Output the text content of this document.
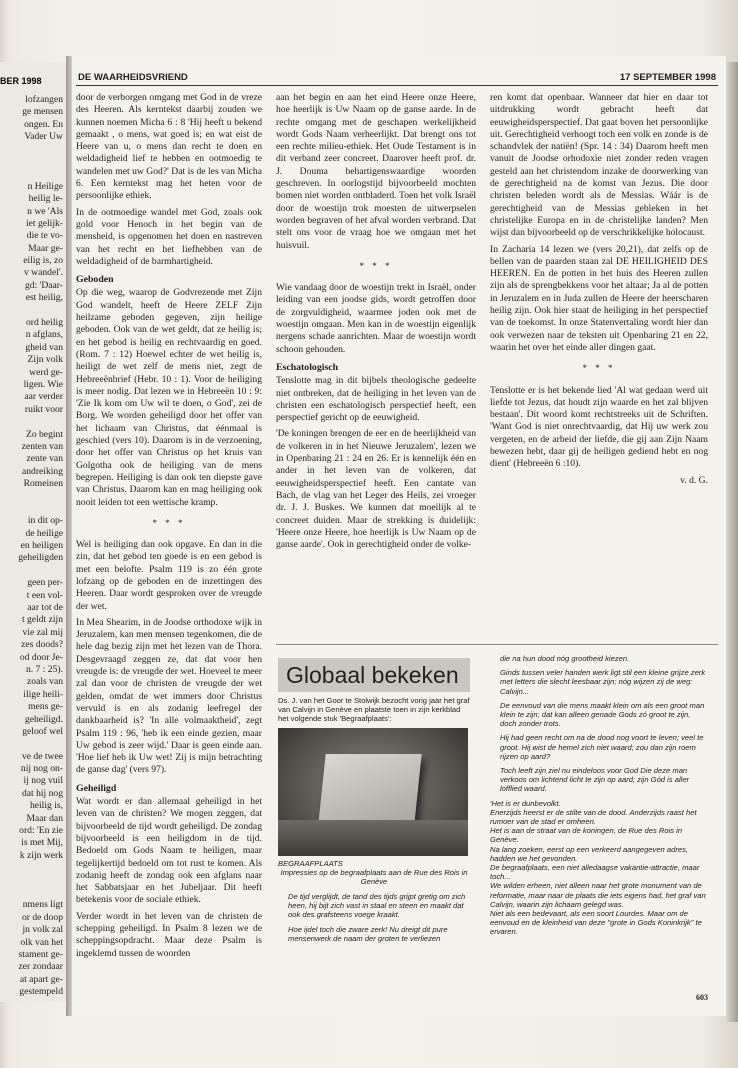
BER 1998
lofzangen
ge mensen
ongen. En
Vader Uw
n Heilige
heilig le-
n we 'Als
iet gelijk-
die te vo-
Maar ge-
eilig is, zo
v wandel'.
gd: 'Daar-
est heilig,
ord heilig
n afglans,
gheid van
Zijn volk
werd ge-
ligen. Wie
aar verder
ruikt voor
Zo begint
zenten van
zente van
andreiking
Romeinen
in dit op-
de heilige
en heiligen
geheiligden
geen per-
t een vol-
aar tot de
t geldt zijn
vie zal mij
zes doods?
od door Je-
n. 7 : 25).
zoals van
ilige heili-
mens ge-
geheiligd.
geloof wel
ve de twee
nij nog on-
ij nog vuil
dat hij nog
heilig is,
Maar dan
ord: 'En zie
is met Mij,
k zijn werk
nmens ligt
or de doop
jn volk zal
olk van het
stament ge-
zer zondaar
at apart ge-
gestempeld
DE WAARHEIDSVRIEND	17 SEPTEMBER 1998

door de verborgen omgang met God in de vreze des Heeren. Als kerntekst daarbij zouden we kunnen noemen Micha 6 : 8 'Hij heeft u bekend gemaakt , o mens, wat goed is; en wat eist de Heere van u, o mens dan recht te doen en weldadigheid lief te hebben en ootmoedig te wandelen met uw God?' Dat is de les van Micha 6. Een kerntekst mag het heten voor de persoonlijke ethiek.

In de ootmoedige wandel met God, zoals ook gold voor Henoch in het begin van de mensheid, is opgenomen het doen en nastreven van het recht en het liefhebben van de weldadigheid of de barmhartigheid.

Geboden

Op die weg, waarop de Godvrezende met Zijn God wandelt, heeft de Heere ZELF Zijn heilzame geboden gegeven, zijn heilige geboden. Ook van de wet geldt, dat ze heilig is; en het gebod is heilig en rechtvaardig en goed. (Rom. 7 : 12) Hoewel echter de wet heilig is, heiligt de wet zelf de mens niet, zegt de Hebreeënbrief (Hebr. 10 : 1). Voor de heiliging is meer nodig. Dat lezen we in Hebreeën 10 : 9: 'Zie Ik kom om Uw wil te doen, o God', zei de Borg. We worden geheiligd door het offer van het lichaam van Christus, dat éénmaal is geschied (vers 10). Daarom is in de verzoening, door het offer van Christus op het kruis van Golgotha ook de heiliging van de mens begrepen. Heiliging is dan ook ten diepste gave van Christus. Daarom kan en mag heiliging ook nooit leiden tot een wettische kramp.

* * *

Wel is heiliging dan ook opgave. En dan in die zin, dat het gebod ten goede is en een gebod is met een belofte. Psalm 119 is zo één grote lofzang op de geboden en de inzettingen des Heeren. Daar wordt gesproken over de vreugde der wet.

In Mea Shearim, in de Joodse orthodoxe wijk in Jeruzalem, kan men mensen tegenkomen, die de hele dag bezig zijn met het lezen van de Thora. Desgevraagd zeggen ze, dat dat voor hen vreugde is: de vreugde der wet. Hoeveel te meer zal dan voor de christen de vreugde der wet gelden, omdat de wet immers door Christus vervuld is en als zodanig leefregel der dankbaarheid is? 'In alle volmaaktheid', zegt Psalm 119 : 96, 'heb ik een einde gezien, maar Uw gebod is zeer wijd.' Daar is geen einde aan. 'Hoe lief heb ik Uw wet! Zij is mijn betrachting de ganse dag' (vers 97).

Geheiligd

Wat wordt er dan allemaal geheiligd in het leven van de christen? We mogen zeggen, dat bijvoorbeeld de tijd wordt geheiligd. De zondag bijvoorbeeld is een heiligdom in de tijd. Bedoeld om Gods Naam te heiligen, maar tegelijkertijd bedoeld om tot rust te komen. Als zodanig heeft de zondag ook een afglans naar het Sabbatsjaar en het Jubeljaar. Dit heeft betekenis voor de sociale ethiek.

Verder wordt in het leven van de christen de schepping geheiligd. In Psalm 8 lezen we de scheppingsopdracht. Maar deze Psalm is ingeklemd tussen de woorden

aan het begin en aan het eind Heere onze Heere, hoe heerlijk is Uw Naam op de ganse aarde. In de rechte omgang met de geschapen werkelijkheid wordt Gods Naam verheerlijkt. Dat brengt ons tot een rechte milieu-ethiek. Het Oude Testament is in dit verband zeer concreet. Daarover heeft prof. dr. J. Douma behartigenswaardige woorden geschreven. In oorlogstijd bijvoorbeeld mochten bomen niet worden ontbladerd. Toen het volk Israël door de woestijn trok moesten de uitwerpselen worden begraven of het afval worden verbrand. Dat stelt ons voor de vraag hoe we omgaan met het huisvuil.

* * *

Wie vandaag door de woestijn trekt in Israël, onder leiding van een joodse gids, wordt getroffen door de zorgvuldigheid, waarmee joden ook met de woestijn omgaan. Men kan in de woestijn eigenlijk nergens schade aanrichten. Maar de woestijn wordt schoon gehouden.

Eschatologisch

Tenslotte mag in dit bijbels theologische gedeelte niet ontbreken, dat de heiliging in het leven van de christen een eschatologisch perspectief heeft, een perspectief gericht op de eeuwigheid.

'De koningen brengen de eer en de heerlijkheid van de volkeren in in het Nieuwe Jeruzalem', lezen we in Openbaring 21 : 24 en 26. Er is kennelijk één en ander in het leven van de volkeren, dat eeuwigheidsperspectief heeft. Een cantate van Bach, de vlag van het Leger des Heils, zei vroeger dr. J. J. Buskes. We kunnen dat moeilijk al te concreet duiden. Maar de strekking is duidelijk: 'Heere onze Heere, hoe heerlijk is Uw Naam op de ganse aarde'. Ook in gerechtigheid onder de volke-

ren komt dat openbaar. Wanneer dat hier en daar tot uitdrukking wordt gebracht heeft dat eeuwigheidsperspectief. Dat gaat boven het persoonlijke uit. Gerechtigheid verhoogt toch een volk en zonde is de schandvlek der natiën! (Spr. 14 : 34) Daarom heeft men vanuit de Joodse orhodoxie niet zonder reden vragen gesteld aan het christendom inzake de doorwerking van de gerechtigheid na de komst van Jezus. Die door christen beleden wordt als de Messias. Wáár is de gerechtigheid van de Messias gebleken in het christelijke Europa en in de christelijke landen? Men wijst dan bijvoorbeeld op de verschrikkelijke holocaust.

In Zacharia 14 lezen we (vers 20,21), dat zelfs op de bellen van de paarden staan zal DE HEILIGHEID DES HEEREN. En de potten in het huis des Heeren zullen zijn als de sprengbekkens voor het altaar; Ja al de potten in Jeruzalem en in Juda zullen de Heere der heerscharen heilig zijn. Ook hier staat de heiliging in het perspectief van de toekomst. In onze Statenvertaling wordt hier dan ook verwezen naar de teksten uit Openbaring 21 en 22, waarin het over het einde aller dingen gaat.

* * *

Tenslotte er is het bekende lied 'Al wat gedaan werd uit liefde tot Jezus, dat houdt zijn waarde en het zal blijven bestaan'. Dit woord komt rechtstreeks uit de Schriften. 'Want God is niet onrechtvaardig, dat Hij uw werk zou vergeten, en de arbeid der liefde, die gij aan Zijn Naam bewezen hebt, daar gij de heiligen gediend hebt en nog dient' (Hebreeën 6 :10).

v. d. G.
Globaal bekeken
Ds. J. van het Goor te Stolwijk bezocht vorig jaar het graf van Calvijn in Genève en plaatste toen in zijn kerkblad het volgende stuk 'Begraafplaats':
BEGRAAFPLAATS
Impressies op de begraafplaats aan de Rue des Rois in Genève
De tijd verglijdt, de tand des tijds grijpt gretig om zich heen, hij bijt zich vast in staal en steen en maakt dat ook des grafsteens voege kraakt.
Hoe ijdel toch die zware zerk! Nu dreigt dit pure mensenwerk de naam der groten te verliezen
die na hun dood nóg grootheid kiezen.
Ginds tussen veler handen werk ligt stil een kleine grijze zerk met letters die slecht leesbaar zijn; nóg wijzen zij de weg: Calvijn...
De eenvoud van die mens maakt klein om als een groot man klein te zijn; dat kan alleen genade Gods zó groot te zijn, doch zonder trots.
Hij had geen recht om na de dood nog voort te leven; veel te groot. Hij wist de hemel zich niet waard; zou dan zijn roem rijzen op aard?
Toch leeft zijn ziel nu eindeloos voor God Die deze man verkoos om lichtend licht te zijn op aard; zijn Gód is aller lofflied waard.
'Het is er dunbevolkt.
Enerzijds heerst er de stilte van de dood. Anderzijds raast het rumoer van de stad er omheen.
Het is aan de straat van de koningen, de Rue des Rois in Genève.
Na lang zoeken, eerst op een verkeerd aangegeven adres, hadden we het gevonden.
De begraafplaats, een niet alledaagse vakantie-attractie, maar toch...
We wilden erheen, niet alleen naar het grote monument van de reformatie, maar naar de plaats die iets eigens had, het graf van Calvijn, waarin zijn lichaam gelegd was.
Niet als een bedevaart, als een soort Lourdes. Maar om de eenvoud en de kleinheid van deze "grote in Gods Koninkrijk" te ervaren.
603
